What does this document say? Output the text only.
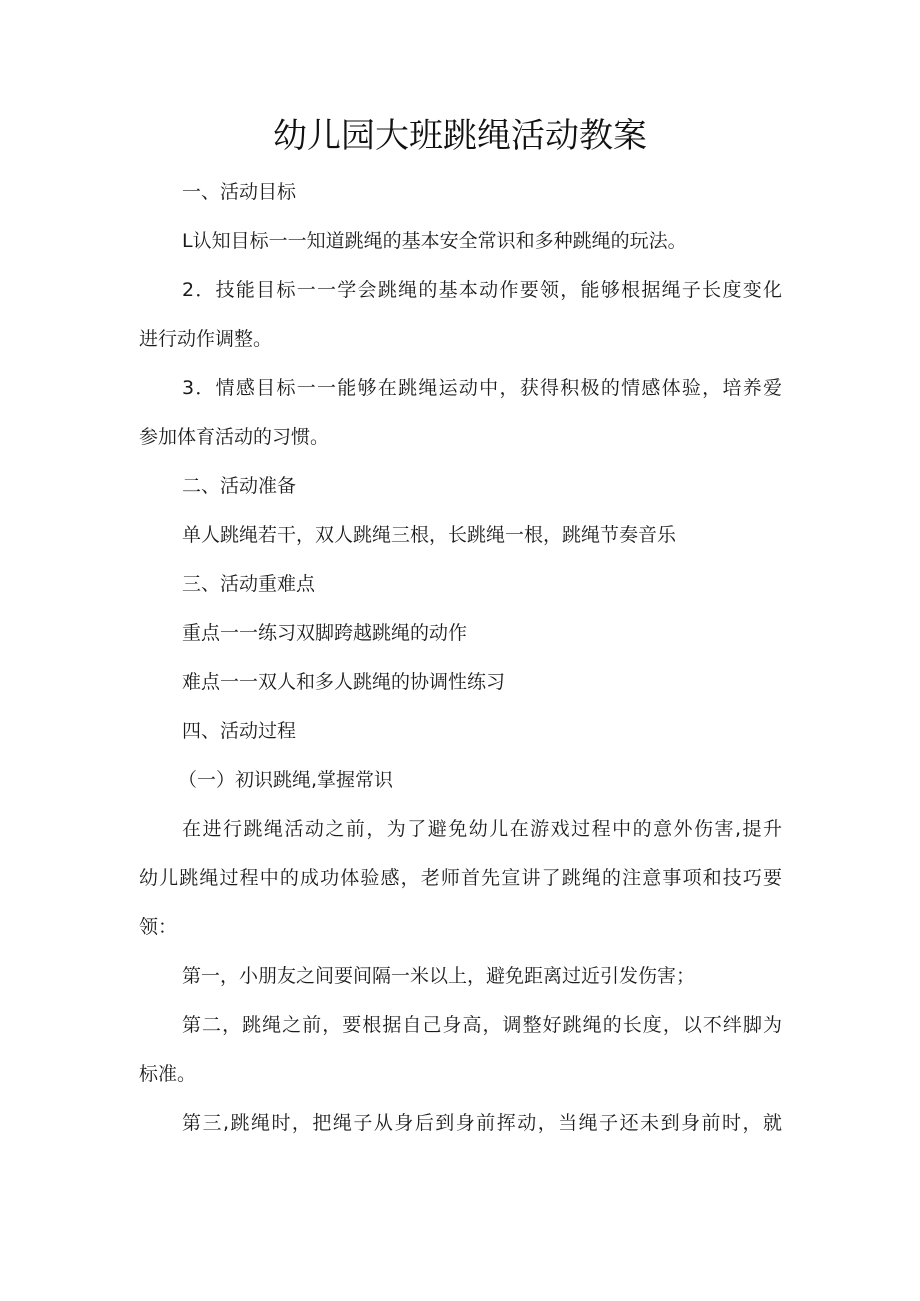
幼儿园大班跳绳活动教案
一、活动目标
L认知目标一一知道跳绳的基本安全常识和多种跳绳的玩法。
2．技能目标一一学会跳绳的基本动作要领，能够根据绳子长度变化
进行动作调整。
3．情感目标一一能够在跳绳运动中，获得积极的情感体验，培养爱
参加体育活动的习惯。
二、活动准备
单人跳绳若干，双人跳绳三根，长跳绳一根，跳绳节奏音乐
三、活动重难点
重点一一练习双脚跨越跳绳的动作
难点一一双人和多人跳绳的协调性练习
四、活动过程
（一）初识跳绳,掌握常识
在进行跳绳活动之前，为了避免幼儿在游戏过程中的意外伤害,提升
幼儿跳绳过程中的成功体验感，老师首先宣讲了跳绳的注意事项和技巧要
领：
第一，小朋友之间要间隔一米以上，避免距离过近引发伤害；
第二，跳绳之前，要根据自己身高，调整好跳绳的长度，以不绊脚为
标准。
第三,跳绳时，把绳子从身后到身前挥动，当绳子还未到身前时，就
